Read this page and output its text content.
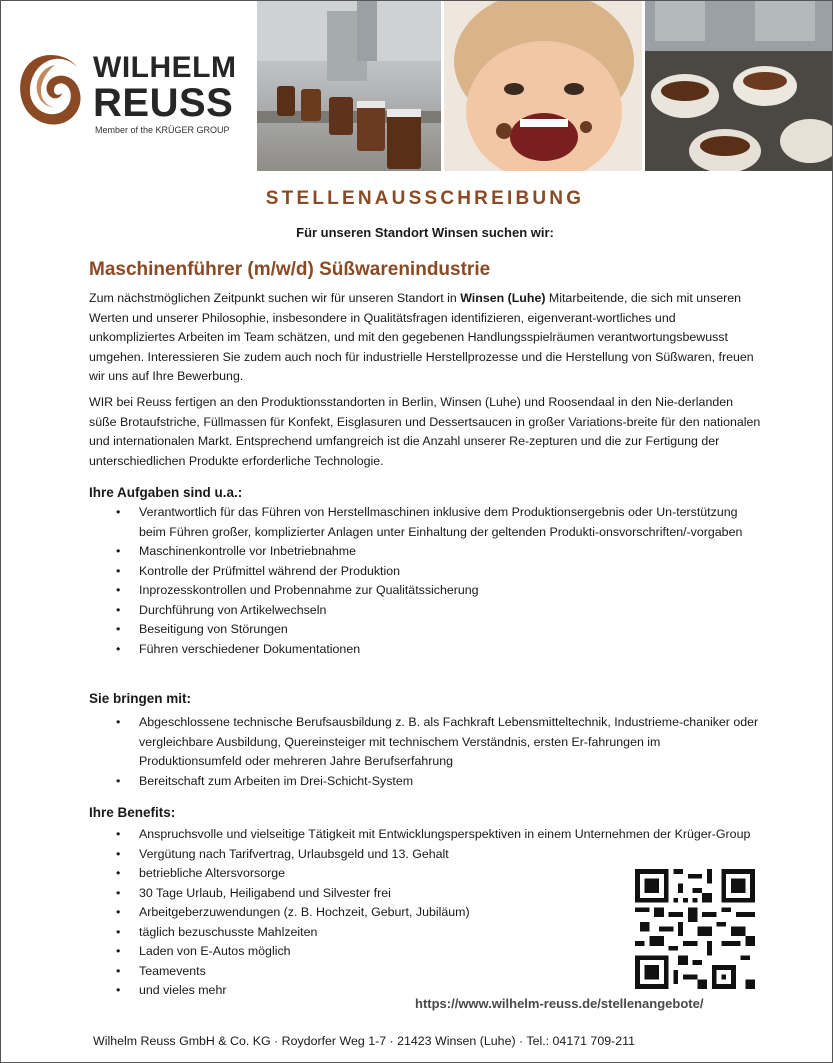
WILHELM
REUSS
Member of the KRÜGER GROUP
STELLENAUSSCHREIBUNG
Für unseren Standort Winsen suchen wir:
Maschinenführer (m/w/d) Süßwarenindustrie

Zum nächstmöglichen Zeitpunkt suchen wir für unseren Standort in Winsen (Luhe) Mitarbeitende, die sich mit unseren Werten und unserer Philosophie, insbesondere in Qualitätsfragen identifizieren, eigenverant-wortliches und unkompliziertes Arbeiten im Team schätzen, und mit den gegebenen Handlungsspielräumen verantwortungsbewusst umgehen. Interessieren Sie zudem auch noch für industrielle Herstellprozesse und die Herstellung von Süßwaren, freuen wir uns auf Ihre Bewerbung.

WIR bei Reuss fertigen an den Produktionsstandorten in Berlin, Winsen (Luhe) und Roosendaal in den Nie-derlanden süße Brotaufstriche, Füllmassen für Konfekt, Eisglasuren und Dessertsaucen in großer Variations-breite für den nationalen und internationalen Markt. Entsprechend umfangreich ist die Anzahl unserer Re-zepturen und die zur Fertigung der unterschiedlichen Produkte erforderliche Technologie.

Ihre Aufgaben sind u.a.:
• Verantwortlich für das Führen von Herstellmaschinen inklusive dem Produktionsergebnis oder Un-terstützung beim Führen großer, komplizierter Anlagen unter Einhaltung der geltenden Produkti-onsvorschriften/-vorgaben
• Maschinenkontrolle vor Inbetriebnahme
• Kontrolle der Prüfmittel während der Produktion
• Inprozesskontrollen und Probennahme zur Qualitätssicherung
• Durchführung von Artikelwechseln
• Beseitigung von Störungen
• Führen verschiedener Dokumentationen
Sie bringen mit:
• Abgeschlossene technische Berufsausbildung z. B. als Fachkraft Lebensmitteltechnik, Industrieme-chaniker oder vergleichbare Ausbildung, Quereinsteiger mit technischem Verständnis, ersten Er-fahrungen im Produktionsumfeld oder mehreren Jahre Berufserfahrung
• Bereitschaft zum Arbeiten im Drei-Schicht-System
Ihre Benefits:
• Anspruchsvolle und vielseitige Tätigkeit mit Entwicklungsperspektiven in einem Unternehmen der Krüger-Group
• Vergütung nach Tarifvertrag, Urlaubsgeld und 13. Gehalt
• betriebliche Altersvorsorge
• 30 Tage Urlaub, Heiligabend und Silvester frei
• Arbeitgeberzuwendungen (z. B. Hochzeit, Geburt, Jubiläum)
• täglich bezuschusste Mahlzeiten
• Laden von E-Autos möglich
• Teamevents
• und vieles mehr
https://www.wilhelm-reuss.de/stellenangebote/
Wilhelm Reuss GmbH & Co. KG · Roydorfer Weg 1-7 · 21423 Winsen (Luhe) · Tel.: 04171 709-211
